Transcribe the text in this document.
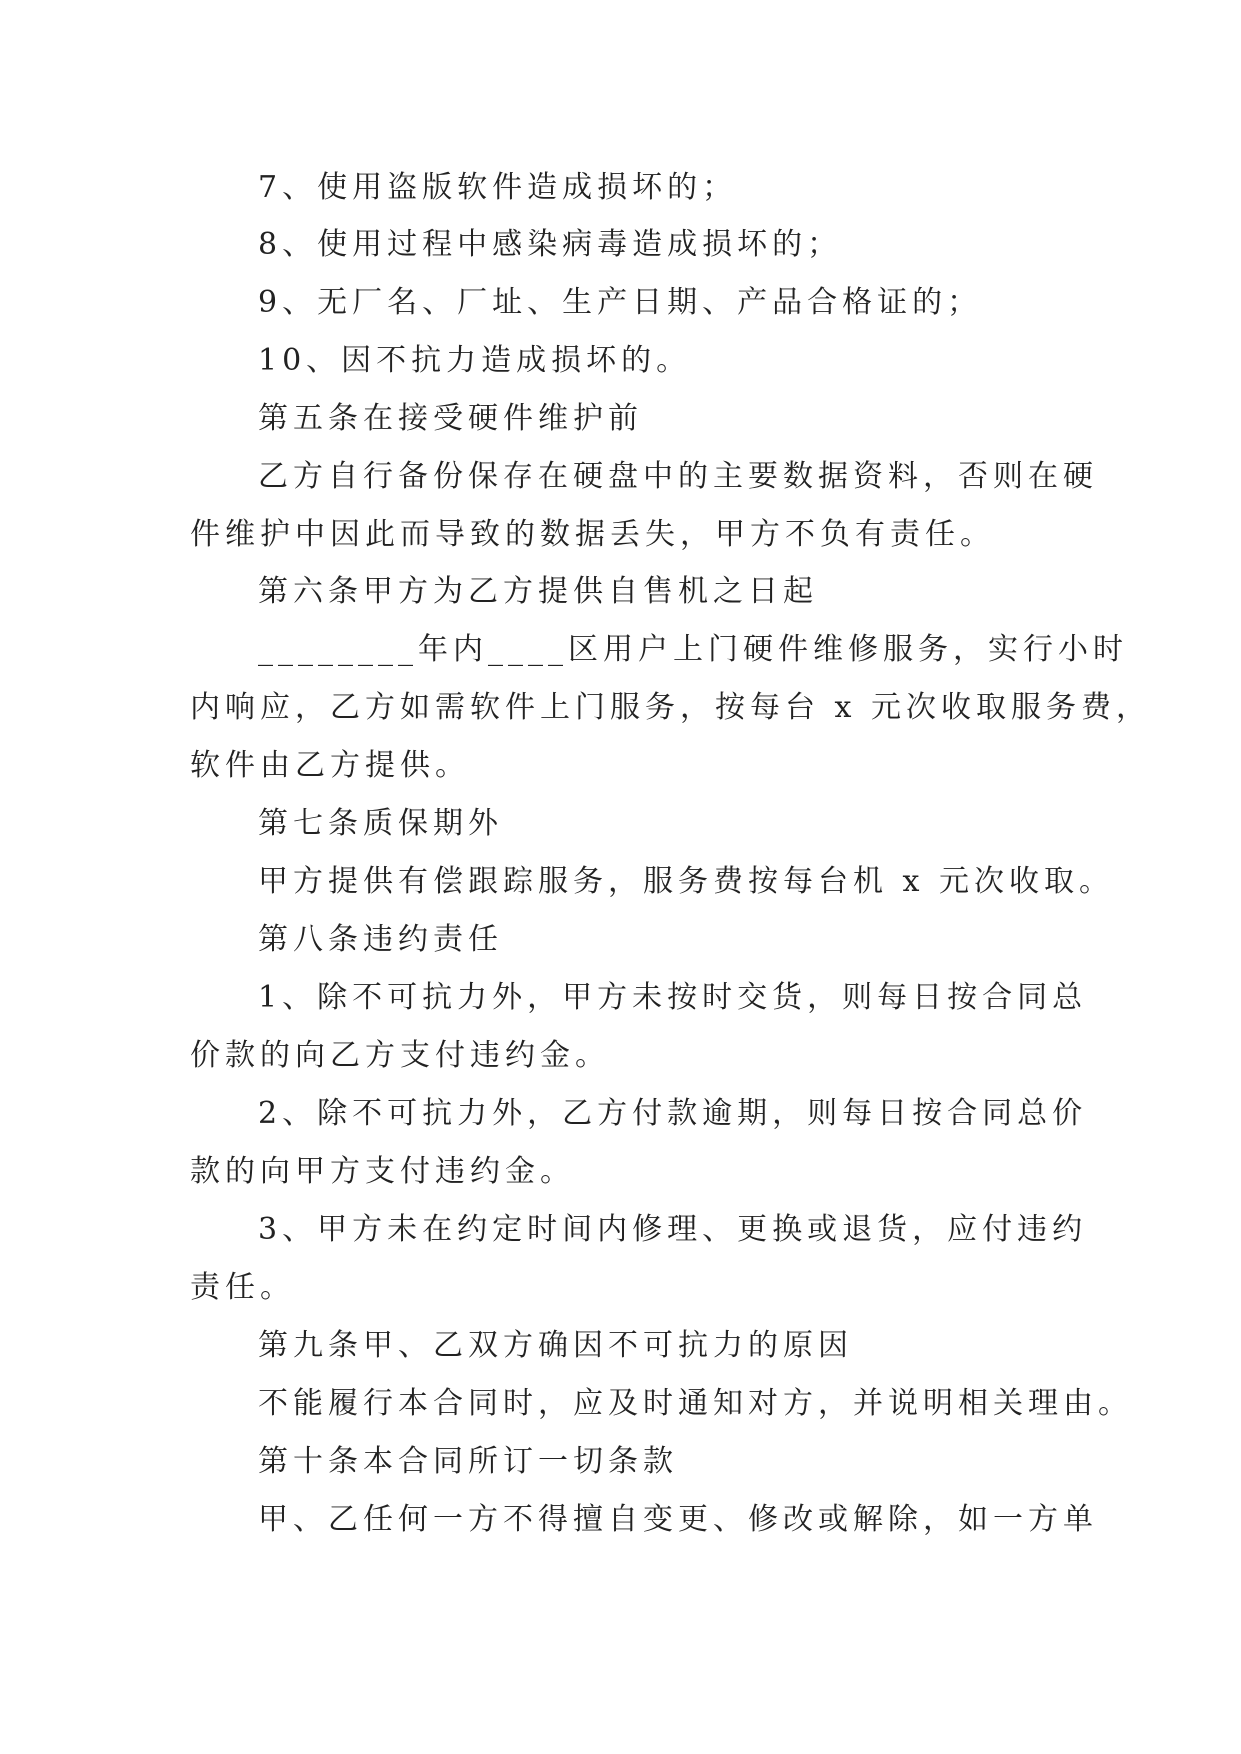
7、使用盗版软件造成损坏的；
8、使用过程中感染病毒造成损坏的；
9、无厂名、厂址、生产日期、产品合格证的；
10、因不抗力造成损坏的。
第五条在接受硬件维护前
乙方自行备份保存在硬盘中的主要数据资料，否则在硬
件维护中因此而导致的数据丢失，甲方不负有责任。
第六条甲方为乙方提供自售机之日起
________年内____区用户上门硬件维修服务，实行小时
内响应，乙方如需软件上门服务，按每台 x 元次收取服务费，
软件由乙方提供。
第七条质保期外
甲方提供有偿跟踪服务，服务费按每台机 x 元次收取。
第八条违约责任
1、除不可抗力外，甲方未按时交货，则每日按合同总
价款的向乙方支付违约金。
2、除不可抗力外，乙方付款逾期，则每日按合同总价
款的向甲方支付违约金。
3、甲方未在约定时间内修理、更换或退货，应付违约
责任。
第九条甲、乙双方确因不可抗力的原因
不能履行本合同时，应及时通知对方，并说明相关理由。
第十条本合同所订一切条款
甲、乙任何一方不得擅自变更、修改或解除，如一方单
